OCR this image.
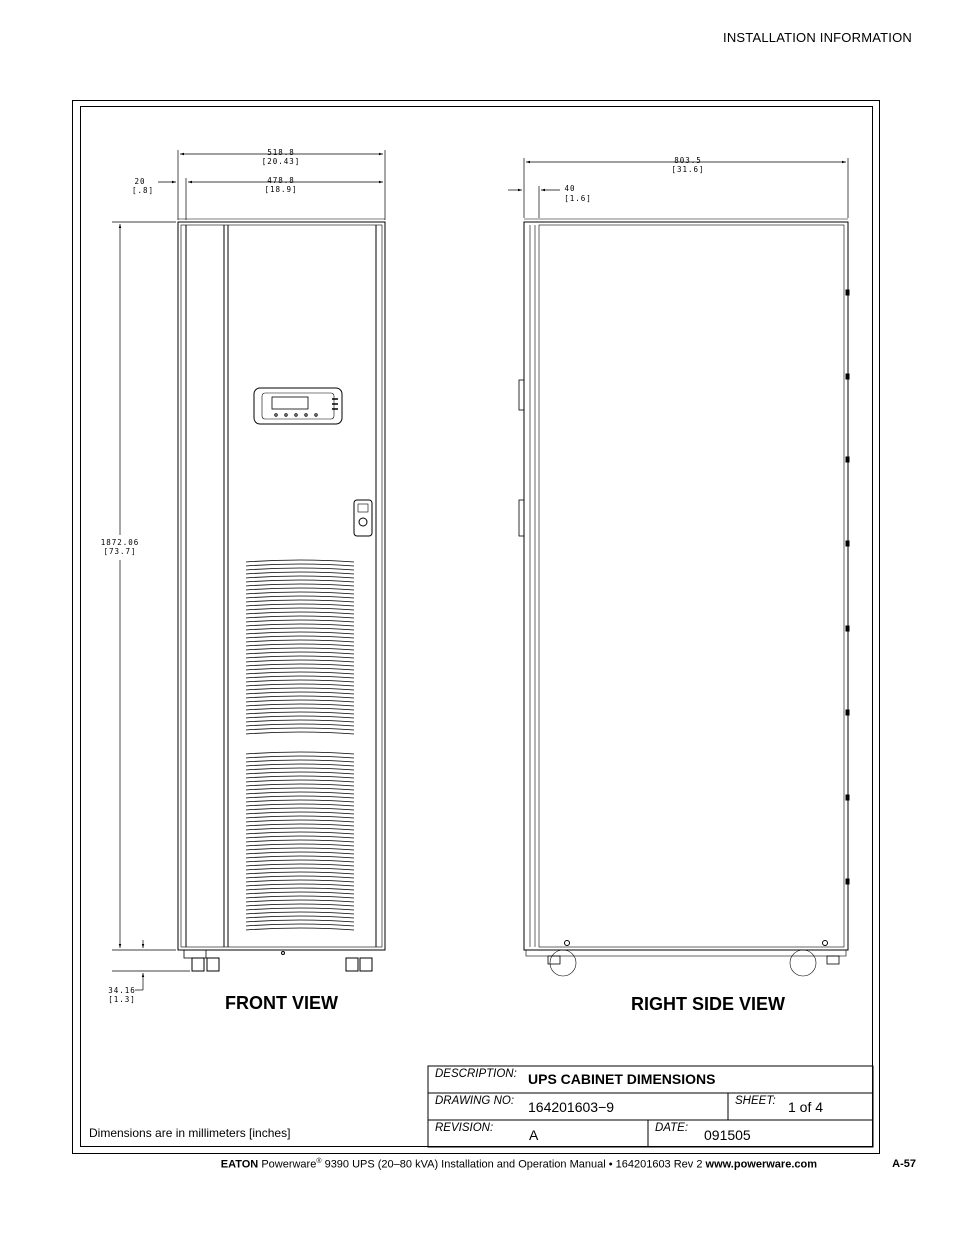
INSTALLATION INFORMATION
518.8
[20.43]
478.8
[18.9]
20
[.8]
1872.06
[73.7]
34.16
[1.3]
803.5
[31.6]
40
[1.6]
FRONT VIEW	RIGHT SIDE VIEW
Dimensions are in millimeters [inches]
DESCRIPTION: UPS CABINET DIMENSIONS
DRAWING NO: 164201603−9	SHEET: 1 of 4
REVISION:	A	DATE: 091505
EATON Powerware® 9390 UPS (20–80 kVA) Installation and Operation Manual • 164201603 Rev 2 www.powerware.com	A-57
